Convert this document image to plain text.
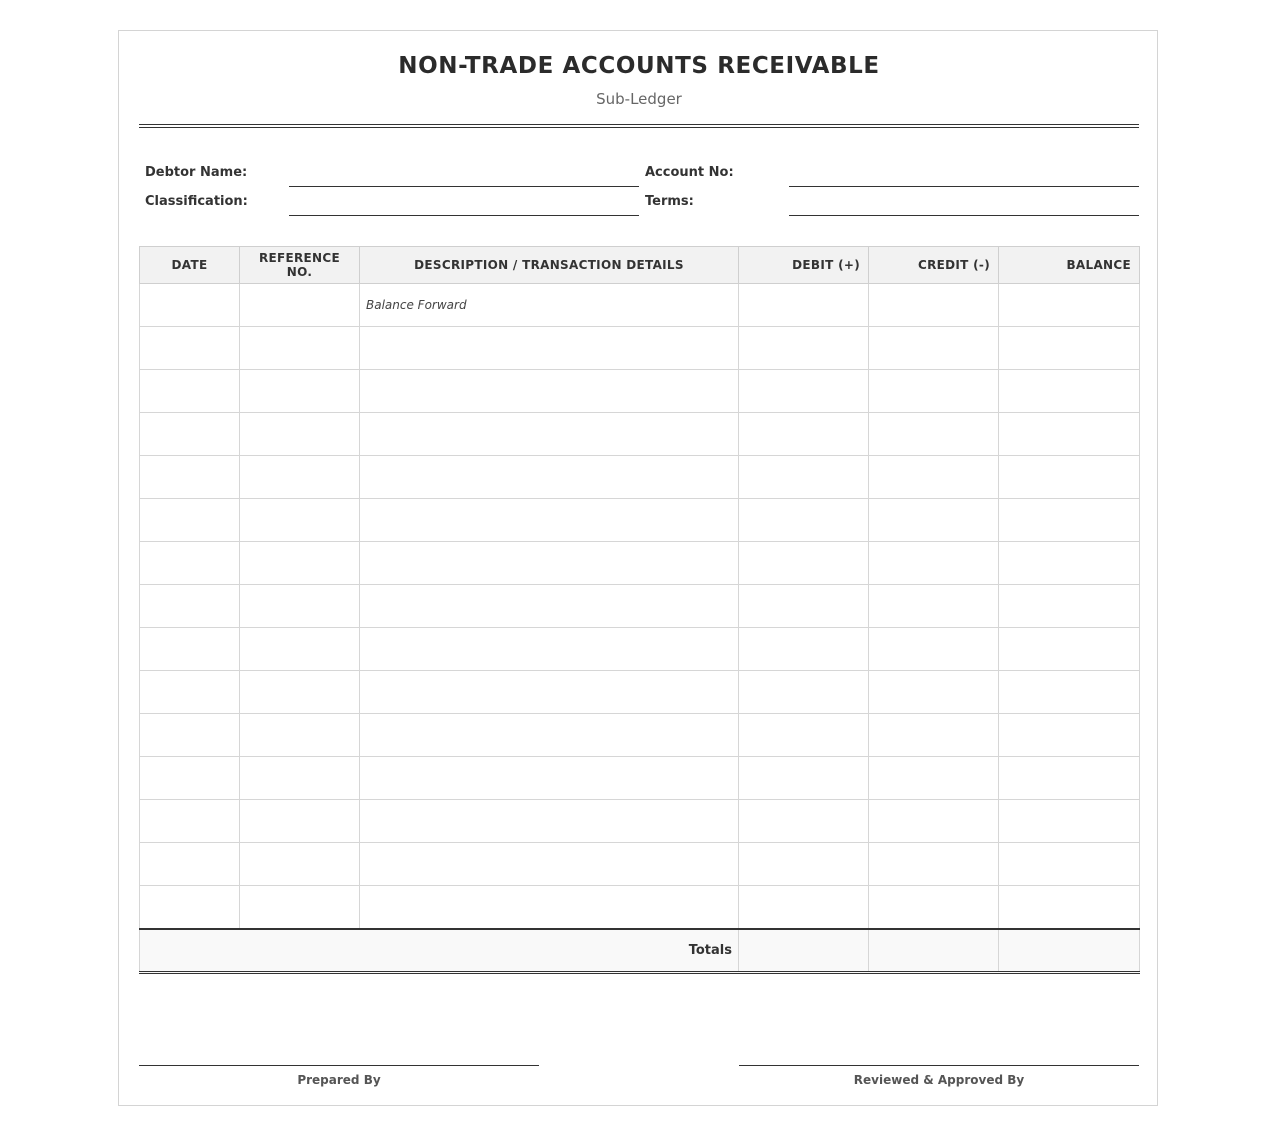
NON-TRADE ACCOUNTS RECEIVABLE
Sub-Ledger
Debtor Name:	Account No:
Classification:	Terms:
DATE	REFERENCE NO.	DESCRIPTION / TRANSACTION DETAILS	DEBIT (+)	CREDIT (-)	BALANCE
		Balance Forward			

Totals					
Prepared By	Reviewed & Approved By
